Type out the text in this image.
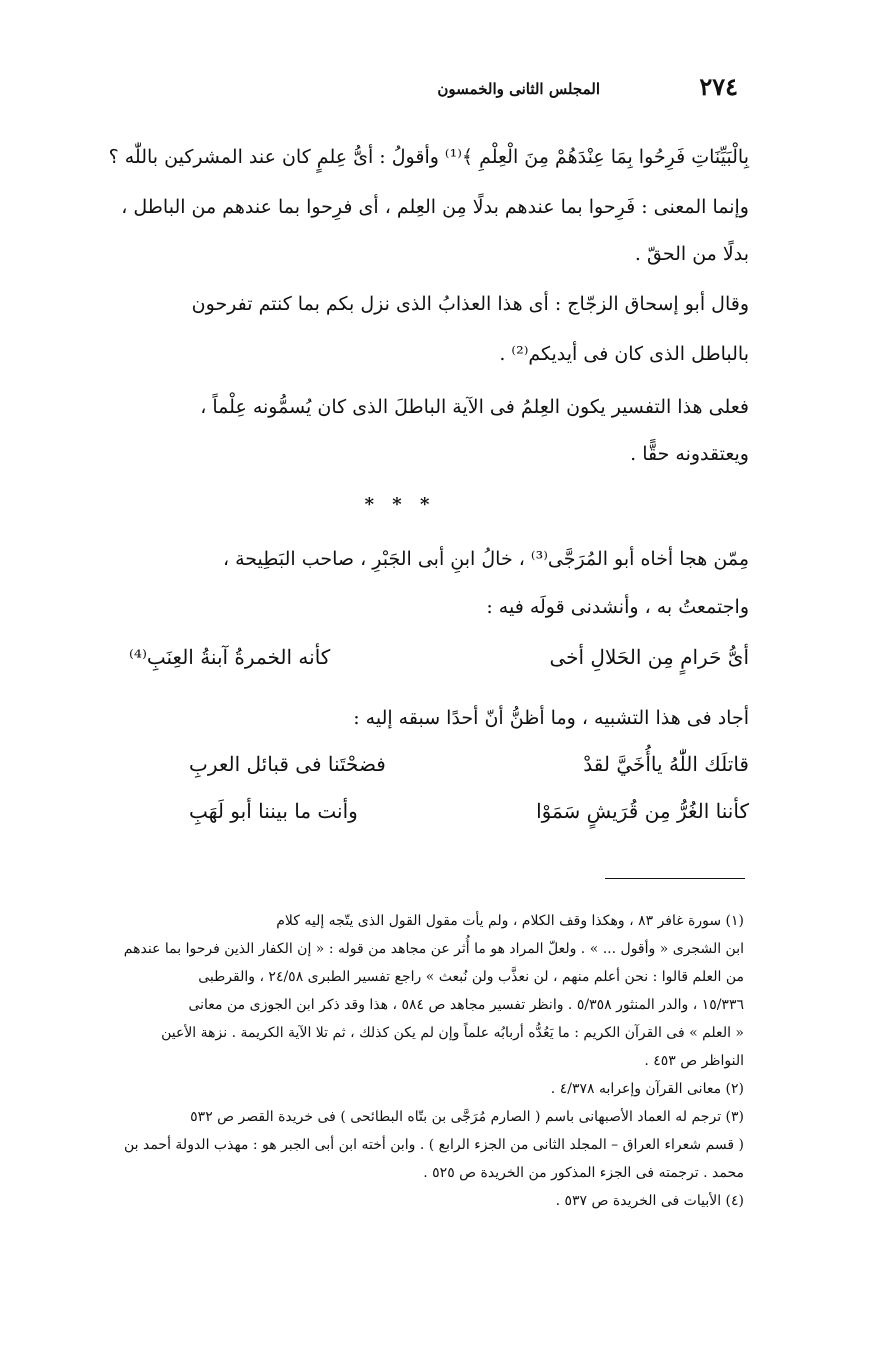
٢٧٤
المجلس الثانى والخمسون
بِالْبَيِّنَاتِ فَرِحُوا بِمَا عِنْدَهُمْ مِنَ الْعِلْمِ ﴾⁽¹⁾ وأقولُ : أىُّ عِلمٍ كان عند المشركين باللّٰه ؟
وإنما المعنى : فَرِحوا بما عندهم بدلًا مِن العِلم ، أى فرِحوا بما عندهم من الباطل ،
بدلًا من الحقّ .
وقال أبو إسحاق الزجّاج : أى هذا العذابُ الذى نزل بكم بما كنتم تفرحون
بالباطل الذى كان فى أيديكم⁽²⁾ .
فعلى هذا التفسير يكون العِلمُ فى الآية الباطلَ الذى كان يُسمُّونه عِلْماً ،
ويعتقدونه حقًّا .
* * *
مِمّن هجا أخاه أبو المُرَجَّى⁽³⁾ ، خالُ ابنِ أبى الجَبْرِ ، صاحب البَطِيحة ،
واجتمعتُ به ، وأنشدنى قولَه فيه :
أىُّ حَرامٍ مِن الحَلالِ أخى
كأنه الخمرةُ آبنةُ العِنَبِ⁽⁴⁾
أجاد فى هذا التشبيه ، وما أظنُّ أنّ أحدًا سبقه إليه :
قاتلَك اللّٰهُ ياأُخَيَّ لقدْ
فضحْتَنا فى قبائل العربِ
كأننا الغُرُّ مِن قُرَيشٍ سَمَوْا
وأنت ما بيننا أبو لَهَبِ
(١) سورة غافر ٨٣ ، وهكذا وقف الكلام ، ولم يأت مقول القول الذى يتّجه إليه كلام
ابن الشجرى « وأقول ... » . ولعلّ المراد هو ما أُثر عن مجاهد من قوله : « إن الكفار الذين فرحوا بما عندهم
من العلم قالوا : نحن أعلم منهم ، لن نعذَّب ولن نُبعث » راجع تفسير الطبرى ٢٤/٥٨ ، والقرطبى
١٥/٣٣٦ ، والدر المنثور ٥/٣٥٨ . وانظر تفسير مجاهد ص ٥٨٤ ، هذا وقد ذكر ابن الجوزى من معانى
« العلم » فى القرآن الكريم : ما يَعُدُّه أربابُه علماً وإن لم يكن كذلك ، ثم تلا الآية الكريمة . نزهة الأعين
النواظر ص ٤٥٣ .
(٢) معانى القرآن وإعرابه ٤/٣٧٨ .
(٣) ترجم له العماد الأصبهانى باسم ( الصارم مُرَجَّى بن بتّاه البطائحى ) فى خريدة القصر ص ٥٣٢
( قسم شعراء العراق – المجلد الثانى من الجزء الرابع ) . وابن أخته ابن أبى الجبر هو : مهذب الدولة أحمد بن
محمد . ترجمته فى الجزء المذكور من الخريدة ص ٥٢٥ .
(٤) الأبيات فى الخريدة ص ٥٣٧ .
